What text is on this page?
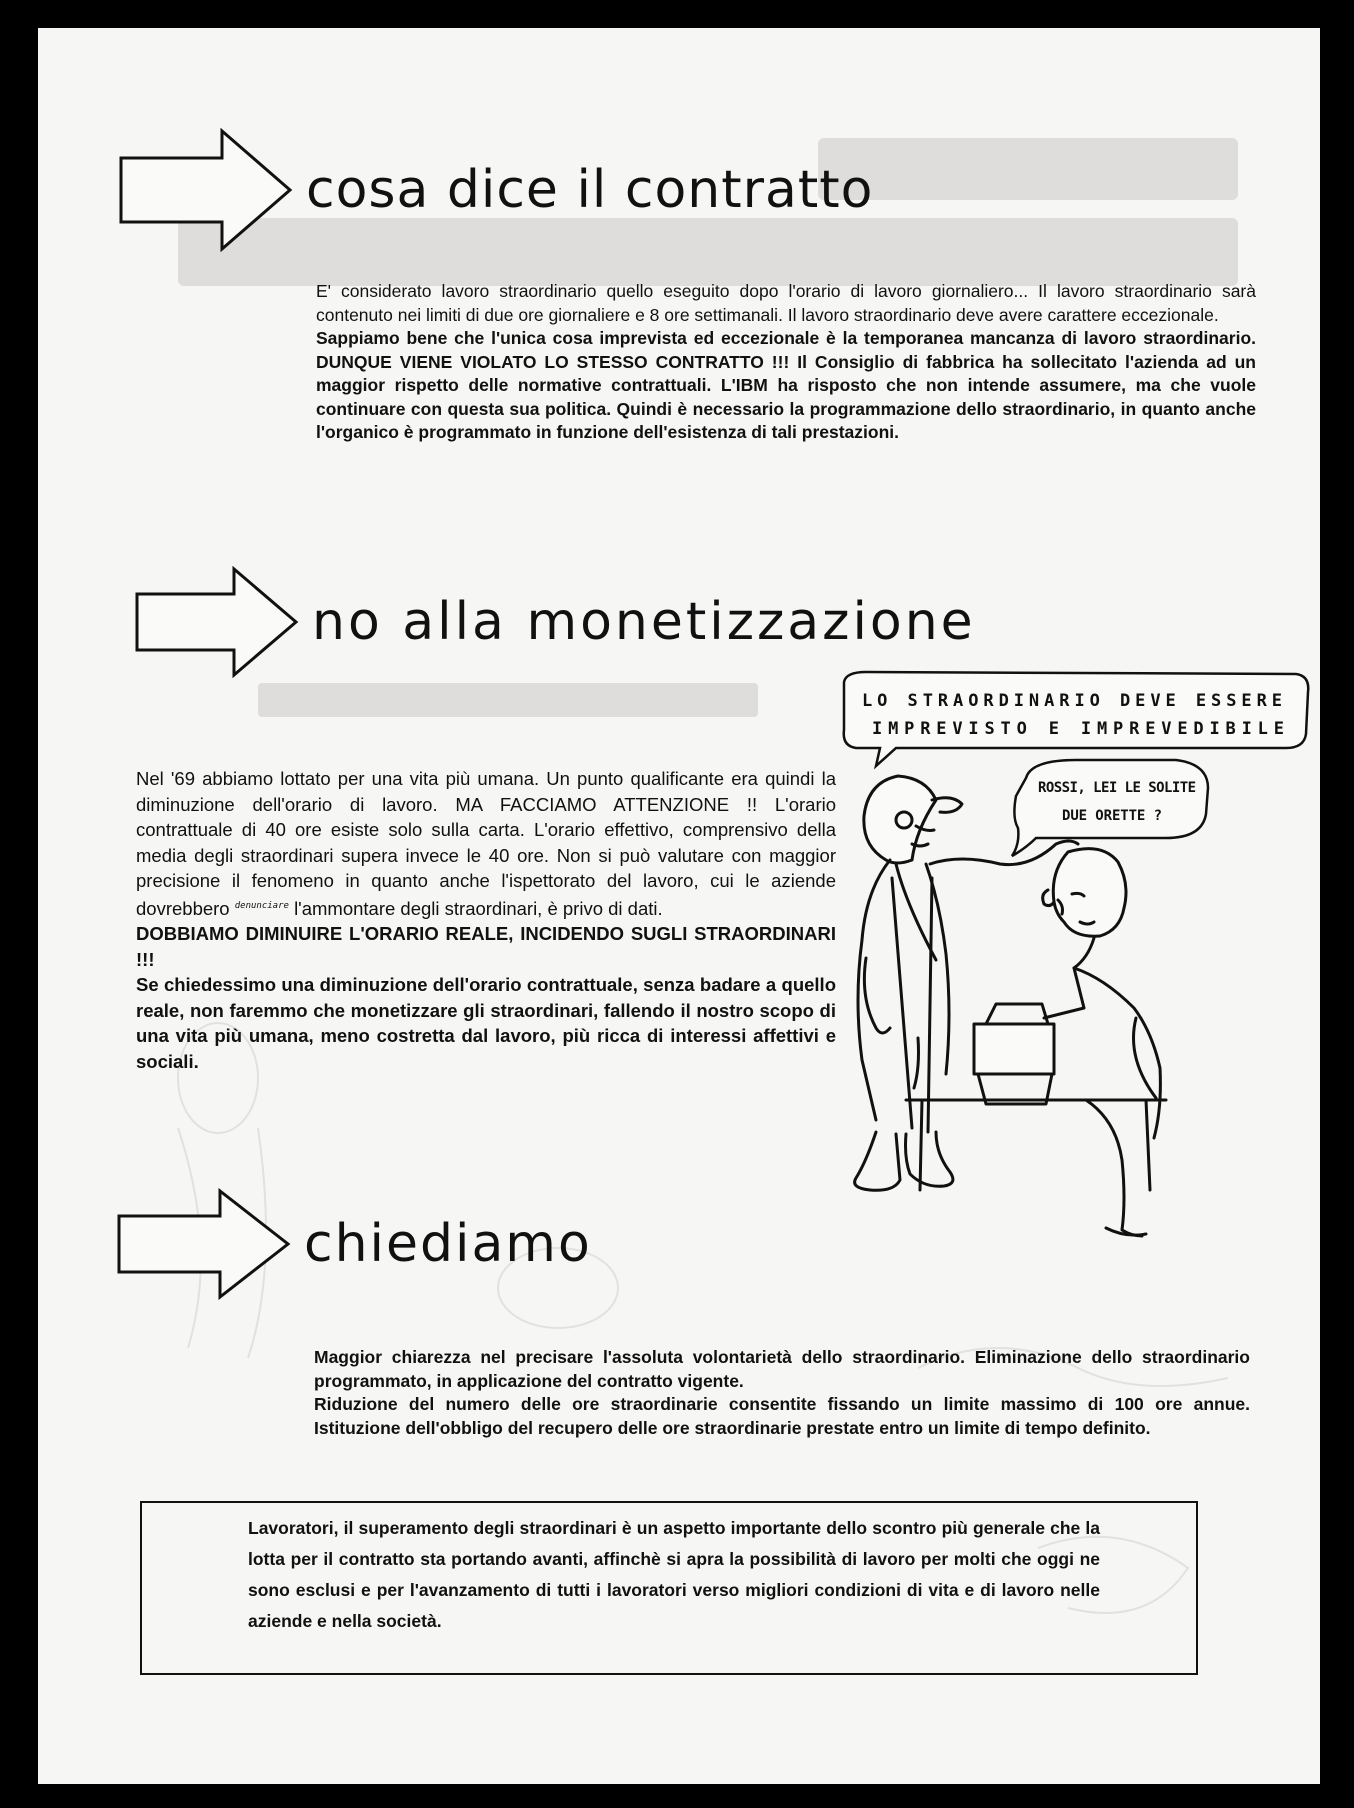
cosa dice il contratto

E' considerato lavoro straordinario quello eseguito dopo l'orario di lavoro giornaliero... Il lavoro straordinario sarà contenuto nei limiti di due ore giornaliere e 8 ore settimanali. Il lavoro straordinario deve avere carattere eccezionale.

Sappiamo bene che l'unica cosa imprevista ed eccezionale è la temporanea mancanza di lavoro straordinario. DUNQUE VIENE VIOLATO LO STESSO CONTRATTO !!! Il Consiglio di fabbrica ha sollecitato l'azienda ad un maggior rispetto delle normative contrattuali. L'IBM ha risposto che non intende assumere, ma che vuole continuare con questa sua politica. Quindi è necessario la programmazione dello straordinario, in quanto anche l'organico è programmato in funzione dell'esistenza di tali prestazioni.

no alla monetizzazione

Nel '69 abbiamo lottato per una vita più umana. Un punto qualificante era quindi la diminuzione dell'orario di lavoro. MA FACCIAMO ATTENZIONE !! L'orario contrattuale di 40 ore esiste solo sulla carta. L'orario effettivo, comprensivo della media degli straordinari supera invece le 40 ore. Non si può valutare con maggior precisione il fenomeno in quanto anche l'ispettorato del lavoro, cui le aziende dovrebbero $^{denunciare}$ l'ammontare degli straordinari, è privo di dati.

DOBBIAMO DIMINUIRE L'ORARIO REALE, INCIDENDO SUGLI STRAORDINARI !!!

Se chiedessimo una diminuzione dell'orario contrattuale, senza badare a quello reale, non faremmo che monetizzare gli straordinari, fallendo il nostro scopo di una vita più umana, meno costretta dal lavoro, più ricca di interessi affettivi e sociali.

LO STRAORDINARIO DEVE ESSERE
IMPREVISTO E IMPREVEDIBILE
ROSSI, LEI LE SOLITE
DUE ORETTE ?
chiediamo

Maggior chiarezza nel precisare l'assoluta volontarietà dello straordinario. Eliminazione dello straordinario programmato, in applicazione del contratto vigente.

Riduzione del numero delle ore straordinarie consentite fissando un limite massimo di 100 ore annue. Istituzione dell'obbligo del recupero delle ore straordinarie prestate entro un limite di tempo definito.

Lavoratori, il superamento degli straordinari è un aspetto importante dello scontro più generale che la lotta per il contratto sta portando avanti, affinchè si apra la possibilità di lavoro per molti che oggi ne sono esclusi e per l'avanzamento di tutti i lavoratori verso migliori condizioni di vita e di lavoro nelle aziende e nella società.
